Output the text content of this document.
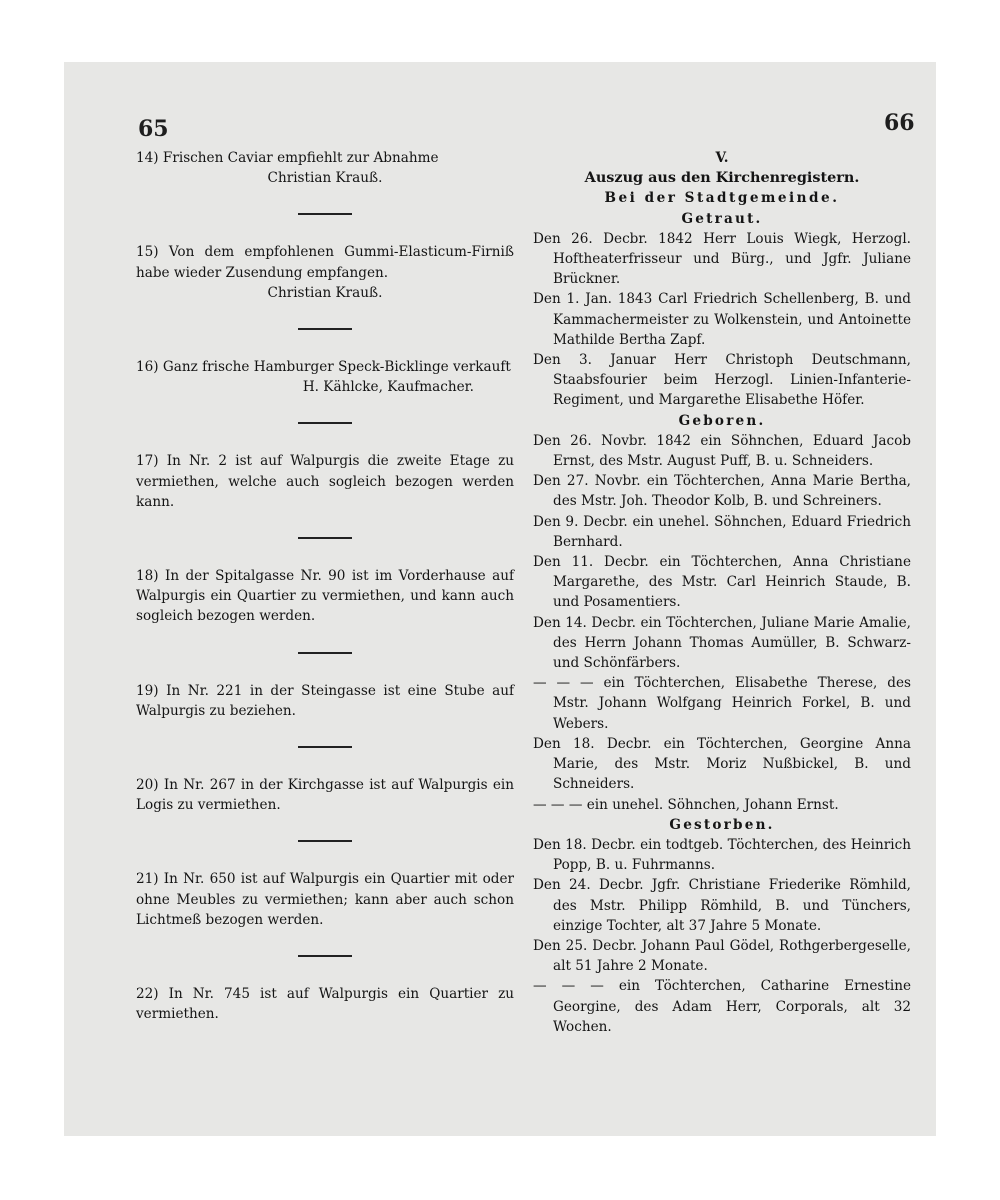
65	66

14) Frischen Caviar empfiehlt zur Abnahme

Christian Krauß.

15) Von dem empfohlenen Gummi-Elasticum-Firniß habe wieder Zusendung empfangen.

Christian Krauß.

16) Ganz frische Hamburger Speck-Bicklinge verkauft

H. Kählcke, Kaufmacher.

17) In Nr. 2 ist auf Walpurgis die zweite Etage zu vermiethen, welche auch sogleich bezogen werden kann.

18) In der Spitalgasse Nr. 90 ist im Vorderhause auf Walpurgis ein Quartier zu vermiethen, und kann auch sogleich bezogen werden.

19) In Nr. 221 in der Steingasse ist eine Stube auf Walpurgis zu beziehen.

20) In Nr. 267 in der Kirchgasse ist auf Walpurgis ein Logis zu vermiethen.

21) In Nr. 650 ist auf Walpurgis ein Quartier mit oder ohne Meubles zu vermiethen; kann aber auch schon Lichtmeß bezogen werden.

22) In Nr. 745 ist auf Walpurgis ein Quartier zu vermiethen.

V.

Auszug aus den Kirchenregistern.

Bei der Stadtgemeinde.

Getraut.

Den 26. Decbr. 1842 Herr Louis Wiegk, Herzogl. Hoftheaterfrisseur und Bürg., und Jgfr. Juliane Brückner.

Den 1. Jan. 1843 Carl Friedrich Schellenberg, B. und Kammachermeister zu Wolkenstein, und Antoinette Mathilde Bertha Zapf.

Den 3. Januar Herr Christoph Deutschmann, Staabsfourier beim Herzogl. Linien-Infanterie-Regiment, und Margarethe Elisabethe Höfer.

Geboren.

Den 26. Novbr. 1842 ein Söhnchen, Eduard Jacob Ernst, des Mstr. August Puff, B. u. Schneiders.

Den 27. Novbr. ein Töchterchen, Anna Marie Bertha, des Mstr. Joh. Theodor Kolb, B. und Schreiners.

Den 9. Decbr. ein unehel. Söhnchen, Eduard Friedrich Bernhard.

Den 11. Decbr. ein Töchterchen, Anna Christiane Margarethe, des Mstr. Carl Heinrich Staude, B. und Posamentiers.

Den 14. Decbr. ein Töchterchen, Juliane Marie Amalie, des Herrn Johann Thomas Aumüller, B. Schwarz- und Schönfärbers.

— — — ein Töchterchen, Elisabethe Therese, des Mstr. Johann Wolfgang Heinrich Forkel, B. und Webers.

Den 18. Decbr. ein Töchterchen, Georgine Anna Marie, des Mstr. Moriz Nußbickel, B. und Schneiders.

— — — ein unehel. Söhnchen, Johann Ernst.

Gestorben.

Den 18. Decbr. ein todtgeb. Töchterchen, des Heinrich Popp, B. u. Fuhrmanns.

Den 24. Decbr. Jgfr. Christiane Friederike Römhild, des Mstr. Philipp Römhild, B. und Tünchers, einzige Tochter, alt 37 Jahre 5 Monate.

Den 25. Decbr. Johann Paul Gödel, Rothgerbergeselle, alt 51 Jahre 2 Monate.

— — — ein Töchterchen, Catharine Ernestine Georgine, des Adam Herr, Corporals, alt 32 Wochen.
